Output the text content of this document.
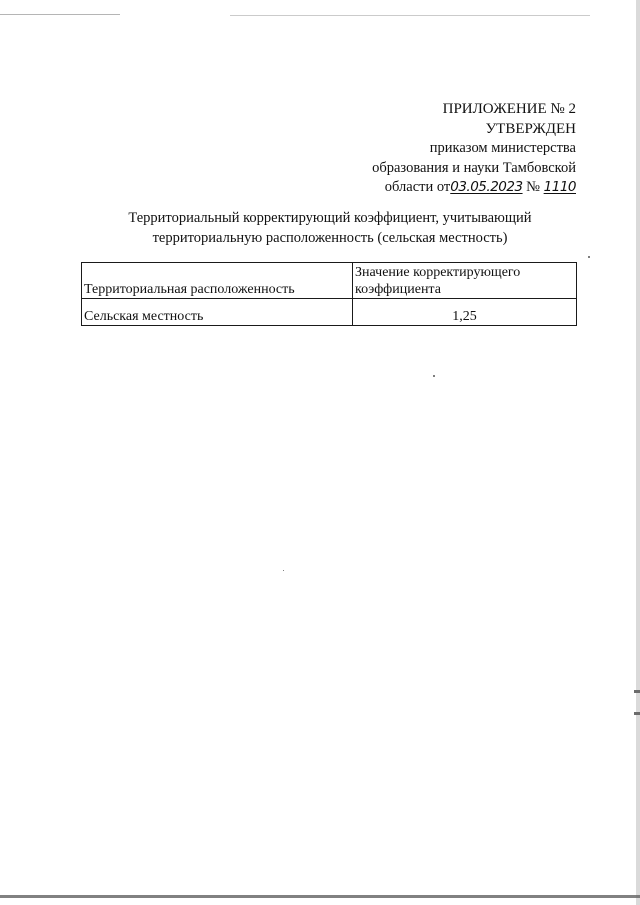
ПРИЛОЖЕНИЕ № 2
УТВЕРЖДЕН
приказом министерства
образования и науки Тамбовской
области от03.05.2023 № 1110
Территориальный корректирующий коэффициент, учитывающий
территориальную расположенность (сельская местность)
Территориальная расположенность	Значение корректирующего коэффициента
Сельская местность	1,25
